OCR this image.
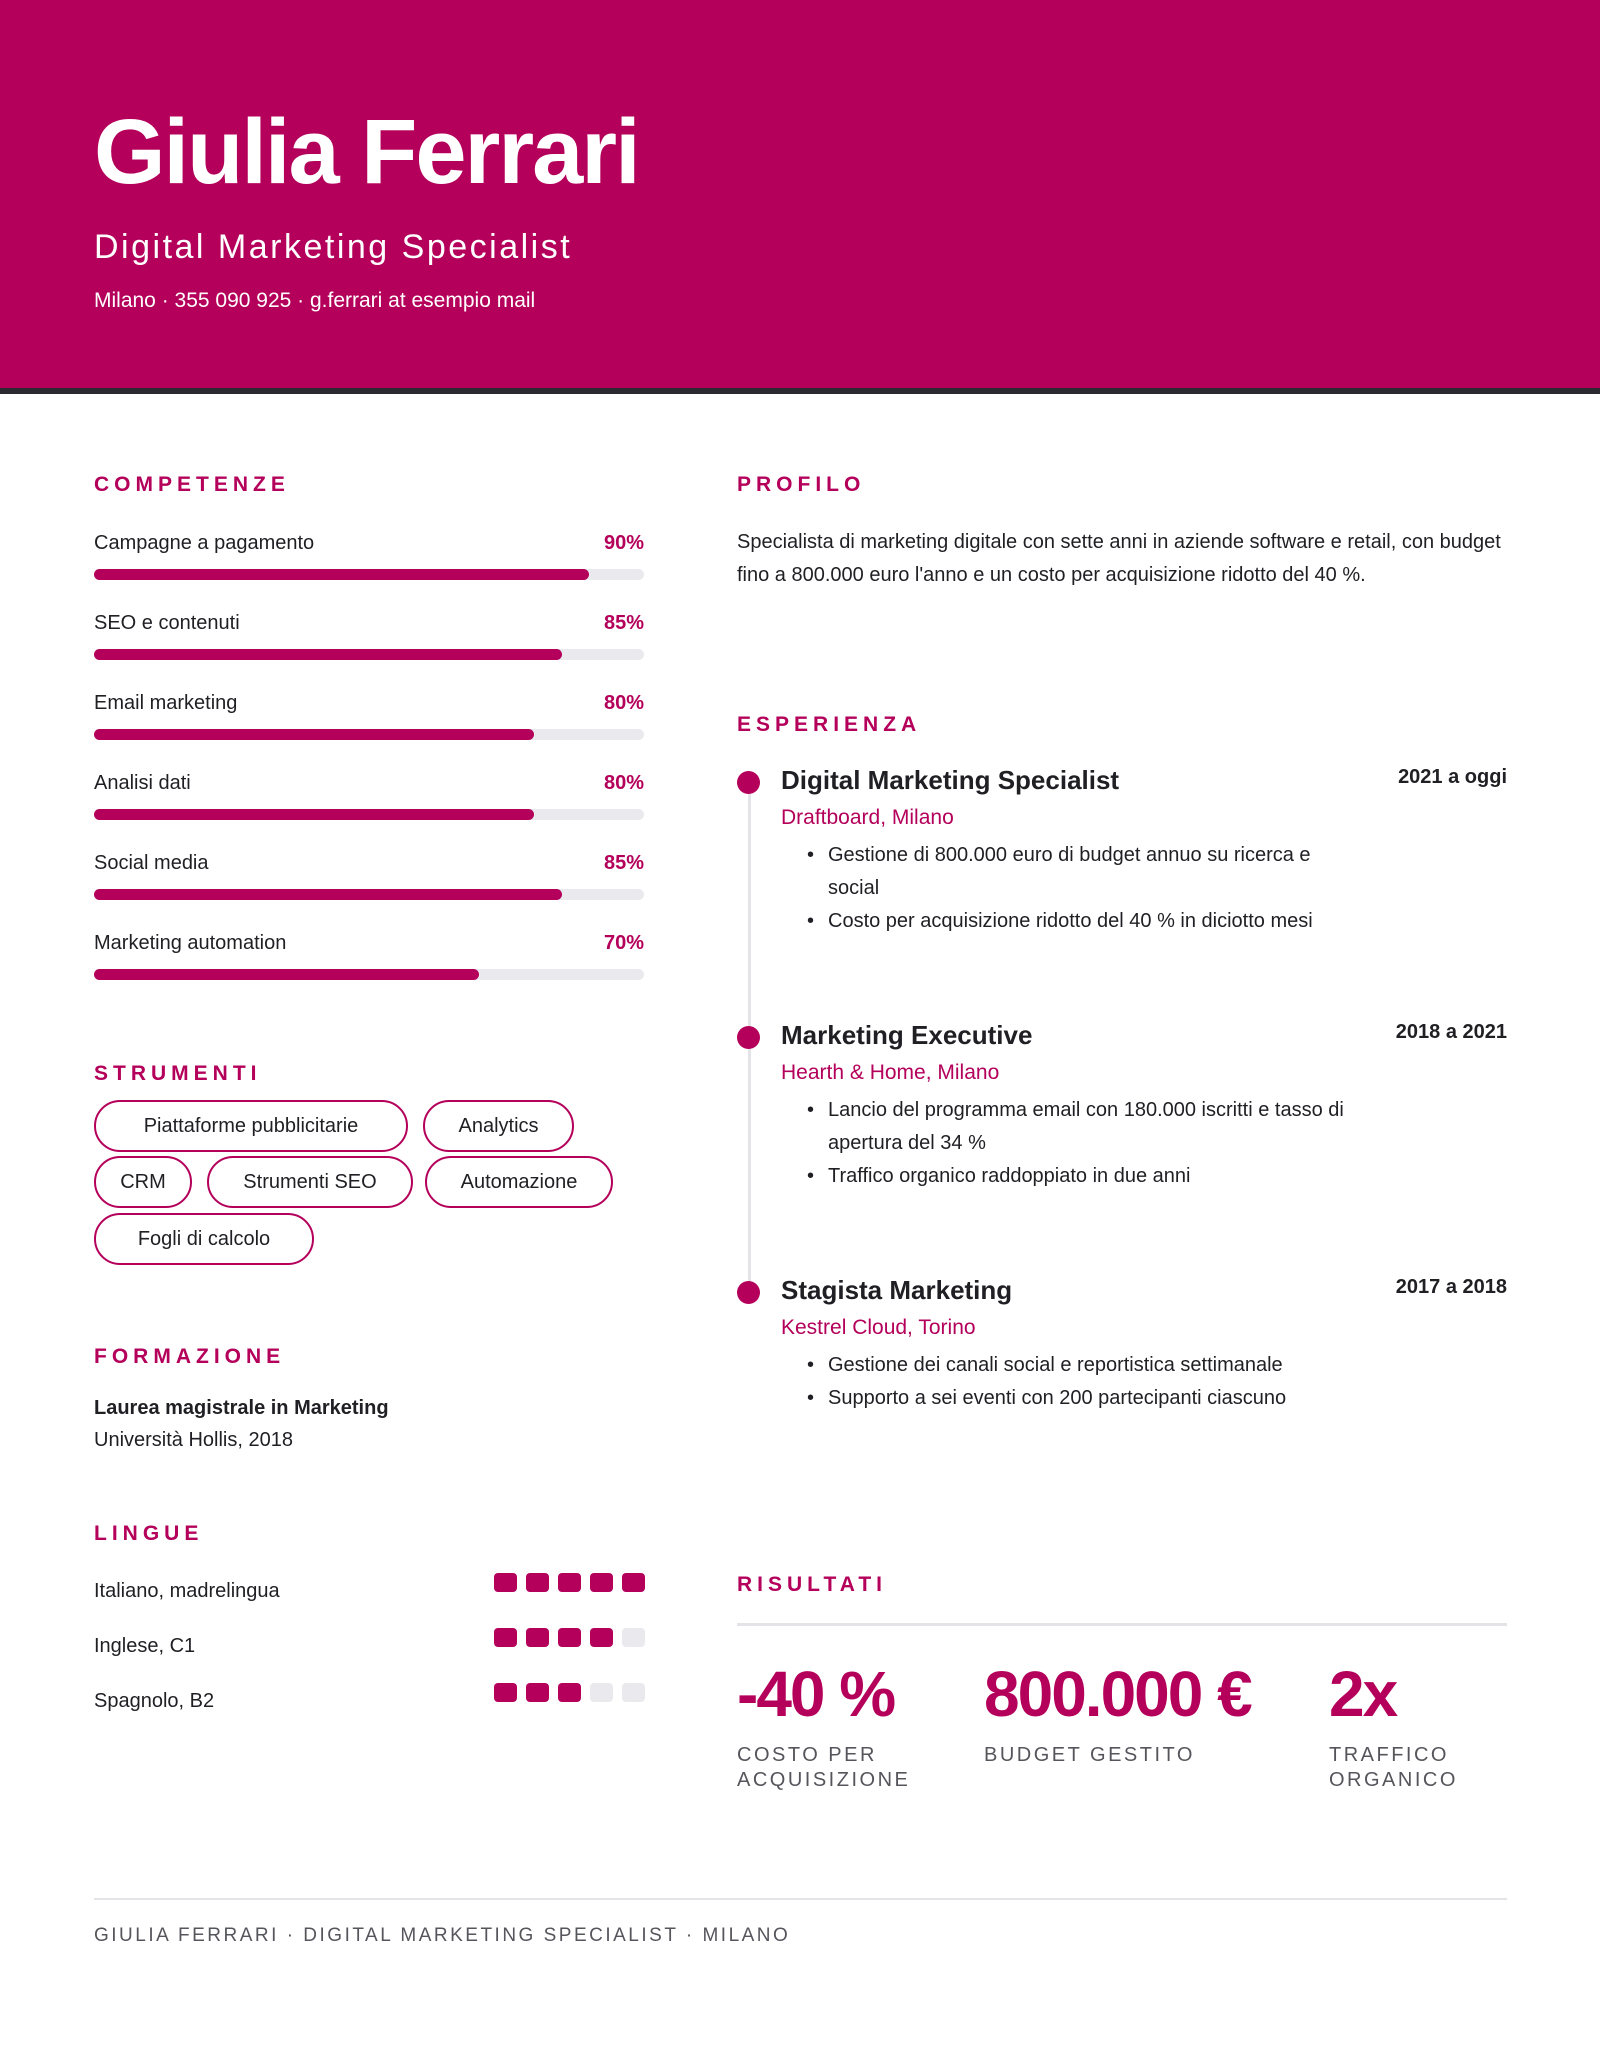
Giulia Ferrari
Digital Marketing Specialist
Milano · 355 090 925 · g.ferrari at esempio mail
COMPETENZE
Campagne a pagamento	90%
SEO e contenuti	85%
Email marketing	80%
Analisi dati	80%
Social media	85%
Marketing automation	70%
STRUMENTI
Piattaforme pubblicitarie	Analytics
CRM	Strumenti SEO	Automazione
Fogli di calcolo
FORMAZIONE
Laurea magistrale in Marketing
Università Hollis, 2018
LINGUE
Italiano, madrelingua
Inglese, C1
Spagnolo, B2
PROFILO
Specialista di marketing digitale con sette anni in aziende software e retail, con budget fino a 800.000 euro l'anno e un costo per acquisizione ridotto del 40 %.
ESPERIENZA
Digital Marketing Specialist	2021 a oggi
Draftboard, Milano
• Gestione di 800.000 euro di budget annuo su ricerca e social
• Costo per acquisizione ridotto del 40 % in diciotto mesi
Marketing Executive	2018 a 2021
Hearth & Home, Milano
• Lancio del programma email con 180.000 iscritti e tasso di apertura del 34 %
• Traffico organico raddoppiato in due anni
Stagista Marketing	2017 a 2018
Kestrel Cloud, Torino
• Gestione dei canali social e reportistica settimanale
• Supporto a sei eventi con 200 partecipanti ciascuno
RISULTATI
-40 %
COSTO PER
ACQUISIZIONE
800.000 €
BUDGET GESTITO
2x
TRAFFICO
ORGANICO
GIULIA FERRARI · DIGITAL MARKETING SPECIALIST · MILANO
